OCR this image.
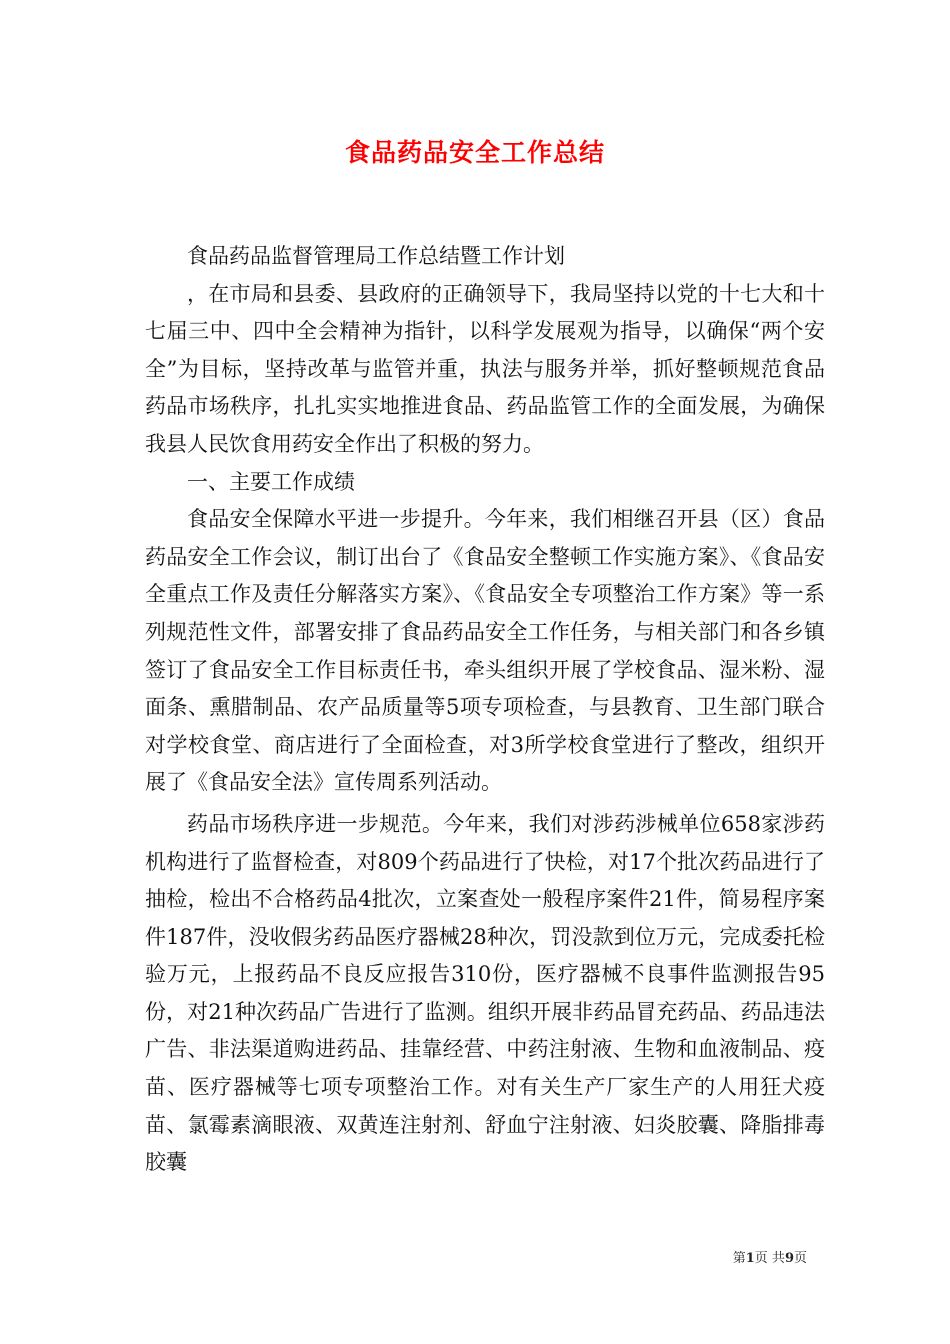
食品药品安全工作总结

食品药品监督管理局工作总结暨工作计划

，在市局和县委、县政府的正确领导下，我局坚持以党的十七大和十七届三中、四中全会精神为指针，以科学发展观为指导，以确保“两个安全”为目标，坚持改革与监管并重，执法与服务并举，抓好整顿规范食品药品市场秩序，扎扎实实地推进食品、药品监管工作的全面发展，为确保我县人民饮食用药安全作出了积极的努力。

一、主要工作成绩

食品安全保障水平进一步提升。今年来，我们相继召开县（区）食品药品安全工作会议，制订出台了《食品安全整顿工作实施方案》、《食品安全重点工作及责任分解落实方案》、《食品安全专项整治工作方案》等一系列规范性文件，部署安排了食品药品安全工作任务，与相关部门和各乡镇签订了食品安全工作目标责任书，牵头组织开展了学校食品、湿米粉、湿面条、熏腊制品、农产品质量等5项专项检查，与县教育、卫生部门联合对学校食堂、商店进行了全面检查，对3所学校食堂进行了整改，组织开展了《食品安全法》宣传周系列活动。

药品市场秩序进一步规范。今年来，我们对涉药涉械单位658家涉药机构进行了监督检查，对809个药品进行了快检，对17个批次药品进行了抽检，检出不合格药品4批次，立案查处一般程序案件21件，简易程序案件187件，没收假劣药品医疗器械28种次，罚没款到位万元，完成委托检验万元，上报药品不良反应报告310份，医疗器械不良事件监测报告95份，对21种次药品广告进行了监测。组织开展非药品冒充药品、药品违法广告、非法渠道购进药品、挂靠经营、中药注射液、生物和血液制品、疫苗、医疗器械等七项专项整治工作。对有关生产厂家生产的人用狂犬疫苗、氯霉素滴眼液、双黄连注射剂、舒血宁注射液、妇炎胶囊、降脂排毒胶囊

第1页 共9页
